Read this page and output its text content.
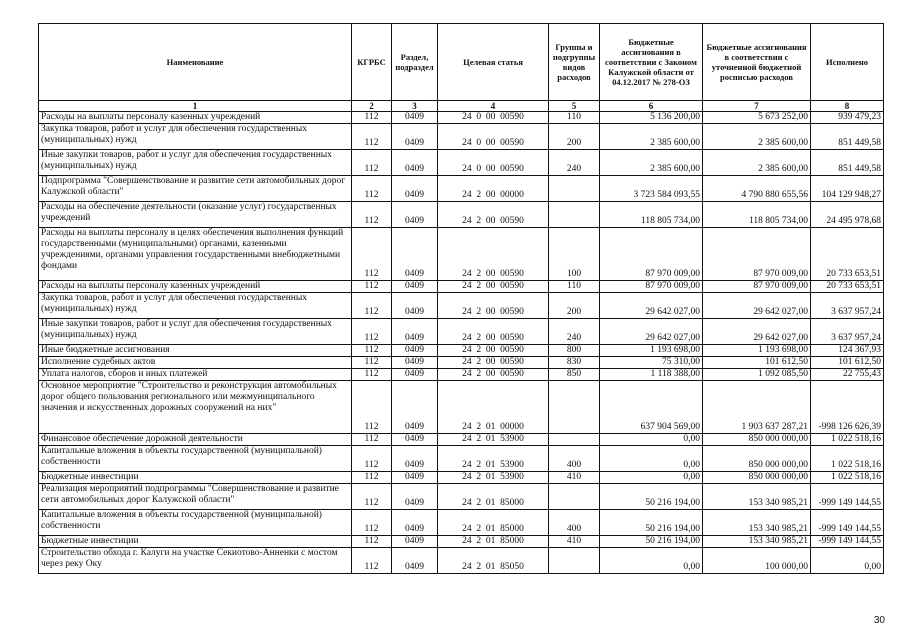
Наименование	КГРБС	Раздел, подраздел	Целевая статья	Группы и подгруппы видов расходов	Бюджетные ассигнования в соответствии с Законом Калужской области от 04.12.2017 № 278-ОЗ	Бюджетные ассигнования в соответствии с уточненной бюджетной росписью расходов	Исполнено
1	2	3	4	5	6	7	8
Расходы на выплаты персоналу казенных учреждений	112	0409	24  0  00  00590	110	5 136 200,00	5 673 252,00	939 479,23
Закупка товаров, работ и услуг для обеспечения государственных (муниципальных) нужд	112	0409	24  0  00  00590	200	2 385 600,00	2 385 600,00	851 449,58
Иные закупки товаров, работ и услуг для обеспечения государственных (муниципальных) нужд	112	0409	24  0  00  00590	240	2 385 600,00	2 385 600,00	851 449,58
Подпрограмма "Совершенствование и развитие сети автомобильных дорог Калужской области"	112	0409	24  2  00  00000		3 723 584 093,55	4 790 880 655,56	104 129 948,27
Расходы на обеспечение деятельности (оказание услуг) государственных учреждений	112	0409	24  2  00  00590		118 805 734,00	118 805 734,00	24 495 978,68
Расходы на выплаты персоналу в целях обеспечения выполнения функций государственными (муниципальными) органами, казенными учреждениями, органами управления государственными внебюджетными фондами	112	0409	24  2  00  00590	100	87 970 009,00	87 970 009,00	20 733 653,51
Расходы на выплаты персоналу казенных учреждений	112	0409	24  2  00  00590	110	87 970 009,00	87 970 009,00	20 733 653,51
Закупка товаров, работ и услуг для обеспечения государственных (муниципальных) нужд	112	0409	24  2  00  00590	200	29 642 027,00	29 642 027,00	3 637 957,24
Иные закупки товаров, работ и услуг для обеспечения государственных (муниципальных) нужд	112	0409	24  2  00  00590	240	29 642 027,00	29 642 027,00	3 637 957,24
Иные бюджетные ассигнования	112	0409	24  2  00  00590	800	1 193 698,00	1 193 698,00	124 367,93
Исполнение судебных актов	112	0409	24  2  00  00590	830	75 310,00	101 612,50	101 612,50
Уплата налогов, сборов и иных платежей	112	0409	24  2  00  00590	850	1 118 388,00	1 092 085,50	22 755,43
Основное мероприятие "Строительство и реконструкция автомобильных дорог общего пользования регионального или межмуниципального значения и искусственных дорожных сооружений на них"	112	0409	24  2  01  00000		637 904 569,00	1 903 637 287,21	-998 126 626,39
Финансовое обеспечение дорожной деятельности	112	0409	24  2  01  53900		0,00	850 000 000,00	1 022 518,16
Капитальные вложения в объекты государственной (муниципальной) собственности	112	0409	24  2  01  53900	400	0,00	850 000 000,00	1 022 518,16
Бюджетные инвестиции	112	0409	24  2  01  53900	410	0,00	850 000 000,00	1 022 518,16
Реализация мероприятий подпрограммы "Совершенствование и развитие сети автомобильных дорог Калужской области"	112	0409	24  2  01  85000		50 216 194,00	153 340 985,21	-999 149 144,55
Капитальные вложения в объекты государственной (муниципальной) собственности	112	0409	24  2  01  85000	400	50 216 194,00	153 340 985,21	-999 149 144,55
Бюджетные инвестиции	112	0409	24  2  01  85000	410	50 216 194,00	153 340 985,21	-999 149 144,55
Строительство обхода г. Калуги на участке Секиотово-Анненки с мостом через реку Оку	112	0409	24  2  01  85050		0,00	100 000,00	0,00
30
